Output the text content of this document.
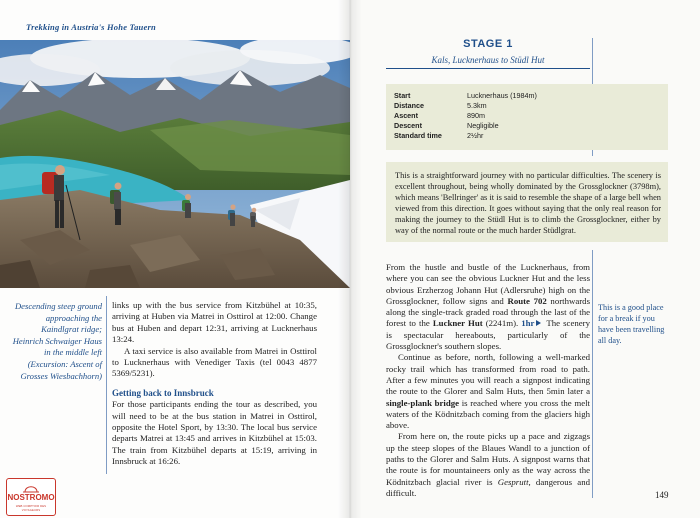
Trekking in Austria's Hohe Tauern
Descending steep ground approaching the Kaindlgrat ridge; Heinrich Schwaiger Haus in the middle left (Excursion: Ascent of Grosses Wiesbachhorn)

links up with the bus service from Kitzbühel at 10:35, arriving at Huben via Matrei in Osttirol at 12:00. Change bus at Huben and depart 12:31, arriving at Lucknerhaus 13:24.

A taxi service is also available from Matrei in Osttirol to Lucknerhaus with Venediger Taxis (tel 0043 4877 5369/5231).

Getting back to Innsbruck

For those participants ending the tour as described, you will need to be at the bus station in Matrei in Osttirol, opposite the Hotel Sport, by 13:30. The local bus service departs Matrei at 13:45 and arrives in Kitzbühel at 15:03. The train from Kitzbühel departs at 15:19, arriving in Innsbruck at 16:26.

NOSTROMO
WEB COMPTOIR DES VOYAGEURS
STAGE 1
Kals, Lucknerhaus to Stüdl Hut
Start	Lucknerhaus (1984m)
Distance	5.3km
Ascent	890m
Descent	Negligible
Standard time	2½hr

This is a straightforward journey with no particular difficulties. The scenery is excellent throughout, being wholly dominated by the Grossglockner (3798m), which means 'Bellringer' as it is said to resemble the shape of a large bell when viewed from this direction. It goes without saying that the only real reason for making the journey to the Stüdl Hut is to climb the Grossglockner, either by way of the normal route or the much harder Stüdlgrat.

From the hustle and bustle of the Lucknerhaus, from where you can see the obvious Luckner Hut and the less obvious Erzherzog Johann Hut (Adlersruhe) high on the Grossglockner, follow signs and Route 702 northwards along the single-track graded road through the last of the forest to the Luckner Hut (2241m). 1hr The scenery is spectacular hereabouts, particularly of the Grossglockner's southern slopes.

Continue as before, north, following a well-marked rocky trail which has transformed from road to path. After a few minutes you will reach a signpost indicating the route to the Glorer and Salm Huts, then 5min later a single-plank bridge is reached where you cross the melt waters of the Ködnitzbach coming from the glaciers high above.

From here on, the route picks up a pace and zigzags up the steep slopes of the Blaues Wandl to a junction of paths to the Glorer and Salm Huts. A signpost warns that the route is for mountaineers only as the way across the Ködnitzbach glacial river is Gesprutt, dangerous and difficult.

This is a good place for a break if you have been travelling all day.
149
